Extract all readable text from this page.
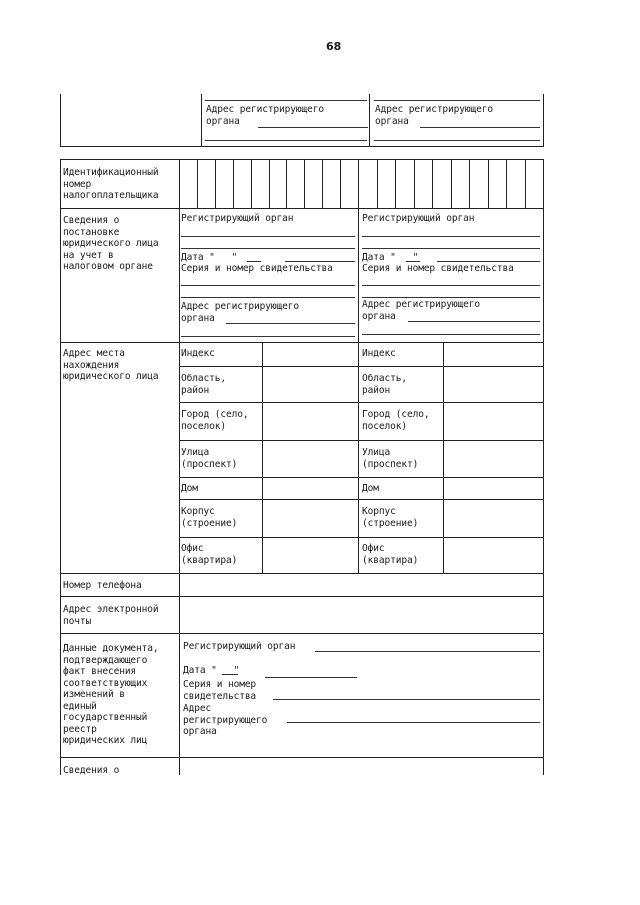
68
Адрес регистрирующего
органа
Адрес регистрирующего
органа
Идентификационный
номер
налогоплательщика
Сведения о
постановке
юридического лица
на учет в
налоговом органе
Регистрирующий орган
Дата "   "
Серия и номер свидетельства
Адрес регистрирующего
органа
Регистрирующий орган
Дата "   "
Серия и номер свидетельства
Адрес регистрирующего
органа
Адрес места
нахождения
юридического лица
Индекс
Область,
район
Город (село,
поселок)
Улица
(проспект)
Дом
Корпус
(строение)
Офис
(квартира)
Индекс
Область,
район
Город (село,
поселок)
Улица
(проспект)
Дом
Корпус
(строение)
Офис
(квартира)
Номер телефона
Адрес электронной
почты
Данные документа,
подтверждающего
факт внесения
соответствующих
изменений в
единый
государственный
реестр
юридических лиц
Регистрирующий орган
Дата "   "
Серия и номер
свидетельства
Адрес
регистрирующего
органа
Сведения о
